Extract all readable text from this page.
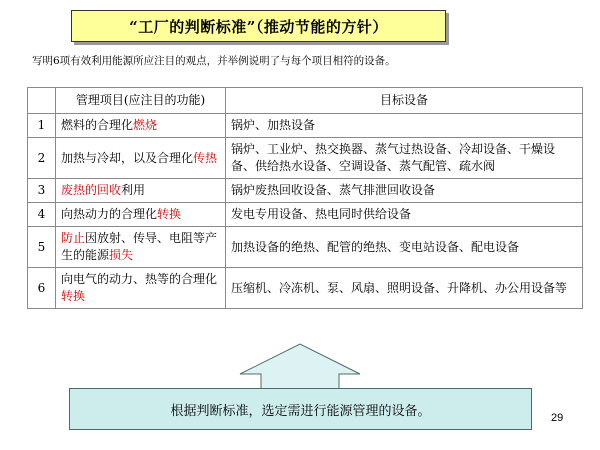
“工厂的判断标准”（推动节能的方针）
写明6项有效利用能源所应注目的观点，并举例说明了与每个项目相符的设备。
	管理项目(应注目的功能)	目标设备
1	燃料的合理化燃烧	锅炉、加热设备
2	加热与冷却，以及合理化传热	锅炉、工业炉、热交换器、蒸气过热设备、冷却设备、干燥设备、供给热水设备、空调设备、蒸气配管、疏水阀
3	废热的回收利用	锅炉废热回收设备、蒸气排泄回收设备
4	向热动力的合理化转换	发电专用设备、热电同时供给设备
5	防止因放射、传导、电阻等产生的能源损失	加热设备的绝热、配管的绝热、变电站设备、配电设备
6	向电气的动力、热等的合理化转换	压缩机、冷冻机、泵、风扇、照明设备、升降机、办公用设备等
根据判断标准，选定需进行能源管理的设备。	29
